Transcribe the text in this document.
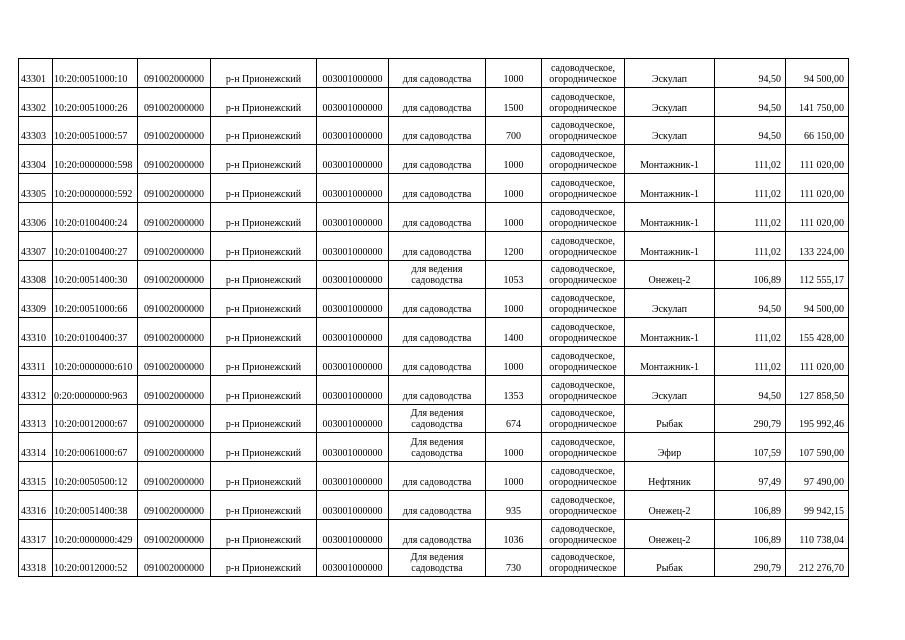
43301	10:20:0051000:10	091002000000	р-н Прионежский	003001000000	для садоводства	1000	садоводческое, огородническое	Эскулап	94,50	94 500,00

43302	10:20:0051000:26	091002000000	р-н Прионежский	003001000000	для садоводства	1500	садоводческое, огородническое	Эскулап	94,50	141 750,00

43303	10:20:0051000:57	091002000000	р-н Прионежский	003001000000	для садоводства	700	садоводческое, огородническое	Эскулап	94,50	66 150,00

43304	10:20:0000000:598	091002000000	р-н Прионежский	003001000000	для садоводства	1000	садоводческое, огородническое	Монтажник-1	111,02	111 020,00

43305	10:20:0000000:592	091002000000	р-н Прионежский	003001000000	для садоводства	1000	садоводческое, огородническое	Монтажник-1	111,02	111 020,00

43306	10:20:0100400:24	091002000000	р-н Прионежский	003001000000	для садоводства	1000	садоводческое, огородническое	Монтажник-1	111,02	111 020,00

43307	10:20:0100400:27	091002000000	р-н Прионежский	003001000000	для садоводства	1200	садоводческое, огородническое	Монтажник-1	111,02	133 224,00

43308	10:20:0051400:30	091002000000	р-н Прионежский	003001000000	для ведения садоводства	1053	садоводческое, огородническое	Онежец-2	106,89	112 555,17

43309	10:20:0051000:66	091002000000	р-н Прионежский	003001000000	для садоводства	1000	садоводческое, огородническое	Эскулап	94,50	94 500,00

43310	10:20:0100400:37	091002000000	р-н Прионежский	003001000000	для садоводства	1400	садоводческое, огородническое	Монтажник-1	111,02	155 428,00

43311	10:20:0000000:610	091002000000	р-н Прионежский	003001000000	для садоводства	1000	садоводческое, огородническое	Монтажник-1	111,02	111 020,00

43312	0:20:0000000:963	091002000000	р-н Прионежский	003001000000	для садоводства	1353	садоводческое, огородническое	Эскулап	94,50	127 858,50

43313	10:20:0012000:67	091002000000	р-н Прионежский	003001000000	Для ведения садоводства	674	садоводческое, огородническое	Рыбак	290,79	195 992,46

43314	10:20:0061000:67	091002000000	р-н Прионежский	003001000000	Для ведения садоводства	1000	садоводческое, огородническое	Эфир	107,59	107 590,00

43315	10:20:0050500:12	091002000000	р-н Прионежский	003001000000	для садоводства	1000	садоводческое, огородническое	Нефтяник	97,49	97 490,00

43316	10:20:0051400:38	091002000000	р-н Прионежский	003001000000	для садоводства	935	садоводческое, огородническое	Онежец-2	106,89	99 942,15

43317	10:20:0000000:429	091002000000	р-н Прионежский	003001000000	для садоводства	1036	садоводческое, огородническое	Онежец-2	106,89	110 738,04

43318	10:20:0012000:52	091002000000	р-н Прионежский	003001000000	Для ведения садоводства	730	садоводческое, огородническое	Рыбак	290,79	212 276,70
